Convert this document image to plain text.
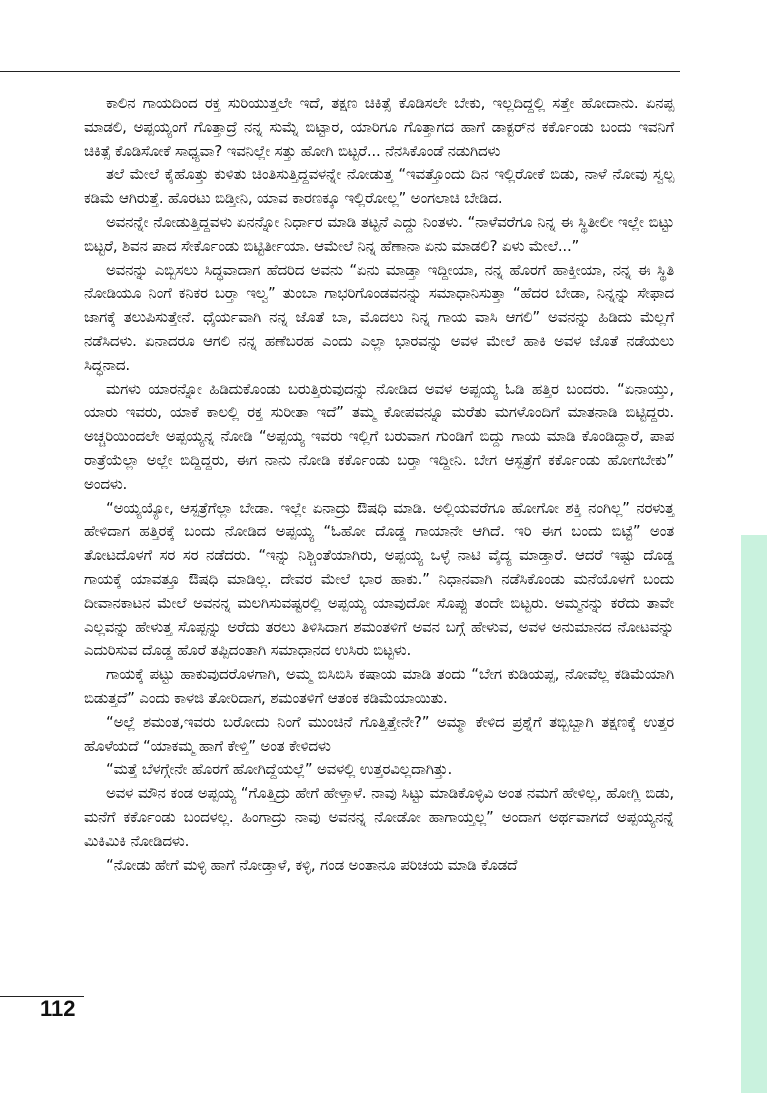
ಕಾಲಿನ ಗಾಯದಿಂದ ರಕ್ತ ಸುರಿಯುತ್ತಲೇ ಇದೆ, ತಕ್ಷಣ ಚಿಕಿತ್ಸೆ ಕೊಡಿಸಲೇ ಬೇಕು, ಇಲ್ಲದಿದ್ದಲ್ಲಿ ಸತ್ತೇ ಹೋದಾನು. ಏನಪ್ಪ ಮಾಡಲಿ, ಅಪ್ಪಯ್ಯಂಗೆ ಗೊತ್ತಾದ್ರೆ ನನ್ನ ಸುಮ್ನೆ ಬಿಟ್ಟಾರ, ಯಾರಿಗೂ ಗೊತ್ತಾಗದ ಹಾಗೆ ಡಾಕ್ಟರ್‌ನ ಕರ್ಕೊಂಡು ಬಂದು ಇವನಿಗೆ ಚಿಕಿತ್ಸೆ ಕೊಡಿಸೋಕೆ ಸಾಧ್ಯವಾ? ಇವನಿಲ್ಲೇ ಸತ್ತು ಹೋಗಿ ಬಿಟ್ಟರೆ... ನೆನಸಿಕೊಂಡೆ ನಡುಗಿದಳು

ತಲೆ ಮೇಲೆ ಕೈಹೊತ್ತು ಕುಳಿತು ಚಿಂತಿಸುತ್ತಿದ್ದವಳನ್ನೇ ನೋಡುತ್ತ “ಇವತ್ತೊಂದು ದಿನ ಇಲ್ಲಿರೋಕೆ ಬಿಡು, ನಾಳೆ ನೋವು ಸ್ವಲ್ಪ ಕಡಿಮೆ ಆಗಿರುತ್ತೆ. ಹೊರಟು ಬಿಡ್ತೀನಿ, ಯಾವ ಕಾರಣಕ್ಕೂ ಇಲ್ಲಿರೋಲ್ಲ” ಅಂಗಲಾಚಿ ಬೇಡಿದ.

ಅವನನ್ನೇ ನೋಡುತ್ತಿದ್ದವಳು ಏನನ್ನೋ ನಿರ್ಧಾರ ಮಾಡಿ ತಟ್ಟನೆ ಎದ್ದು ನಿಂತಳು. “ನಾಳೆವರೆಗೂ ನಿನ್ನ ಈ ಸ್ಥಿತೀಲೀ ಇಲ್ಲೇ ಬಿಟ್ಟು ಬಿಟ್ಟರೆ, ಶಿವನ ಪಾದ ಸೇರ್ಕೊಂಡು ಬಿಟ್ಟಿರ್ತೀಯಾ. ಆಮೇಲೆ ನಿನ್ನ ಹೆಣಾನಾ ಏನು ಮಾಡಲಿ? ಏಳು ಮೇಲೆ...”

ಅವನನ್ನು ಎಬ್ಬಿಸಲು ಸಿದ್ಧವಾದಾಗ ಹೆದರಿದ ಅವನು “ಏನು ಮಾಡ್ತಾ ಇದ್ದೀಯಾ, ನನ್ನ ಹೊರಗೆ ಹಾಕ್ತೀಯಾ, ನನ್ನ ಈ ಸ್ಥಿತಿ ನೋಡಿಯೂ ನಿಂಗೆ ಕನಿಕರ ಬರ್‍ತಾ ಇಲ್ವ” ತುಂಬಾ ಗಾಭರಿಗೊಂಡವನನ್ನು ಸಮಾಧಾನಿಸುತ್ತಾ “ಹೆದರ ಬೇಡಾ, ನಿನ್ನನ್ನು ಸೇಫಾದ ಜಾಗಕ್ಕೆ ತಲುಪಿಸುತ್ತೇನೆ. ಧೈರ್ಯವಾಗಿ ನನ್ನ ಜೊತೆ ಬಾ, ಮೊದಲು ನಿನ್ನ ಗಾಯ ವಾಸಿ ಆಗಲಿ” ಅವನನ್ನು ಹಿಡಿದು ಮೆಲ್ಲಗೆ ನಡೆಸಿದಳು. ಏನಾದರೂ ಆಗಲಿ ನನ್ನ ಹಣೆಬರಹ ಎಂದು ಎಲ್ಲಾ ಭಾರವನ್ನು ಅವಳ ಮೇಲೆ ಹಾಕಿ ಅವಳ ಜೊತೆ ನಡೆಯಲು ಸಿದ್ಧನಾದ.

ಮಗಳು ಯಾರನ್ನೋ ಹಿಡಿದುಕೊಂಡು ಬರುತ್ತಿರುವುದನ್ನು ನೋಡಿದ ಅವಳ ಅಪ್ಪಯ್ಯ ಓಡಿ ಹತ್ತಿರ ಬಂದರು. “ಏನಾಯ್ತು, ಯಾರು ಇವರು, ಯಾಕೆ ಕಾಲಲ್ಲಿ ರಕ್ತ ಸುರೀತಾ ಇದೆ” ತಮ್ಮ ಕೋಪವನ್ನೂ ಮರೆತು ಮಗಳೊಂದಿಗೆ ಮಾತನಾಡಿ ಬಿಟ್ಟಿದ್ದರು. ಅಚ್ಚರಿಯಿಂದಲೇ ಅಪ್ಪಯ್ಯನ್ನ ನೋಡಿ “ಅಪ್ಪಯ್ಯ ಇವರು ಇಲ್ಲಿಗೆ ಬರುವಾಗ ಗುಂಡಿಗೆ ಬಿದ್ದು ಗಾಯ ಮಾಡಿ ಕೊಂಡಿದ್ದಾರೆ, ಪಾಪ ರಾತ್ರೆಯೆಲ್ಲಾ ಅಲ್ಲೇ ಬಿದ್ದಿದ್ದರು, ಈಗ ನಾನು ನೋಡಿ ಕರ್ಕೊಂಡು ಬರ್‍ತಾ ಇದ್ದೀನಿ. ಬೇಗ ಆಸ್ಪತ್ರೆಗೆ ಕರ್ಕೊಂಡು ಹೋಗಬೇಕು” ಅಂದಳು.

“ಅಯ್ಯಯ್ಯೋ, ಆಸ್ಪತ್ರೆಗೆಲ್ಲಾ ಬೇಡಾ. ಇಲ್ಲೇ ಏನಾದ್ರು ಔಷಧಿ ಮಾಡಿ. ಅಲ್ಲಿಯವರೆಗೂ ಹೋಗೋ ಶಕ್ತಿ ನಂಗಿಲ್ಲ” ನರಳುತ್ತ ಹೇಳಿದಾಗ ಹತ್ತಿರಕ್ಕೆ ಬಂದು ನೋಡಿದ ಅಪ್ಪಯ್ಯ “ಓಹೋ ದೊಡ್ಡ ಗಾಯಾನೇ ಆಗಿದೆ. ಇರಿ ಈಗ ಬಂದು ಬಿಟ್ಟೆ” ಅಂತ ತೋಟದೊಳಗೆ ಸರ ಸರ ನಡೆದರು. “ಇನ್ನು ನಿಶ್ಚಿಂತೆಯಾಗಿರು, ಅಪ್ಪಯ್ಯ ಒಳ್ಳೆ ನಾಟಿ ವೈದ್ಯ ಮಾಡ್ತಾರೆ. ಆದರೆ ಇಷ್ಟು ದೊಡ್ಡ ಗಾಯಕ್ಕೆ ಯಾವತ್ತೂ ಔಷಧಿ ಮಾಡಿಲ್ಲ. ದೇವರ ಮೇಲೆ ಭಾರ ಹಾಕು.” ನಿಧಾನವಾಗಿ ನಡೆಸಿಕೊಂಡು ಮನೆಯೊಳಗೆ ಬಂದು ದೀವಾನಕಾಟನ ಮೇಲೆ ಅವನನ್ನ ಮಲಗಿಸುವಷ್ಟರಲ್ಲಿ ಅಪ್ಪಯ್ಯ ಯಾವುದೋ ಸೊಪ್ಪು ತಂದೇ ಬಿಟ್ಟರು. ಅಮ್ಮನನ್ನು ಕರೆದು ತಾವೇ ಎಲ್ಲವನ್ನು ಹೇಳುತ್ತ ಸೊಪ್ಪನ್ನು ಅರೆದು ತರಲು ತಿಳಿಸಿದಾಗ ಶಮಂತಳಿಗೆ ಅವನ ಬಗ್ಗೆ ಹೇಳುವ, ಅವಳ ಅನುಮಾನದ ನೋಟವನ್ನು ಎದುರಿಸುವ ದೊಡ್ಡ ಹೊರೆ ತಪ್ಪಿದಂತಾಗಿ ಸಮಾಧಾನದ ಉಸಿರು ಬಿಟ್ಟಳು.

ಗಾಯಕ್ಕೆ ಪಟ್ಟು ಹಾಕುವುದರೊಳಗಾಗಿ, ಅಮ್ಮ ಬಿಸಿಬಿಸಿ ಕಷಾಯ ಮಾಡಿ ತಂದು “ಬೇಗ ಕುಡಿಯಪ್ಪ, ನೋವೆಲ್ಲ ಕಡಿಮೆಯಾಗಿ ಬಿಡುತ್ತದೆ” ಎಂದು ಕಾಳಜಿ ತೋರಿದಾಗ, ಶಮಂತಳಿಗೆ ಆತಂಕ ಕಡಿಮೆಯಾಯಿತು.

“ಅಲ್ಲೆ ಶಮಂತ,ಇವರು ಬರೋದು ನಿಂಗೆ ಮುಂಚಿನೆ ಗೊತ್ತಿತ್ತೇನೇ?” ಅಮ್ಮಾ ಕೇಳಿದ ಪ್ರಶ್ನೆಗೆ ತಬ್ಬಿಬ್ಬಾಗಿ ತಕ್ಷಣಕ್ಕೆ ಉತ್ತರ ಹೊಳೆಯದೆ “ಯಾಕಮ್ಮ ಹಾಗೆ ಕೇಳ್ತಿ” ಅಂತ ಕೇಳಿದಳು

“ಮತ್ತೆ ಬೆಳಗ್ಗೇನೇ ಹೊರಗೆ ಹೋಗಿದ್ದೆಯಲ್ಲೆ” ಅವಳಲ್ಲಿ ಉತ್ತರವಿಲ್ಲದಾಗಿತ್ತು.

ಅವಳ ಮೌನ ಕಂಡ ಅಪ್ಪಯ್ಯ “ಗೊತ್ತಿದ್ರು ಹೇಗೆ ಹೇಳ್ತಾಳೆ. ನಾವು ಸಿಟ್ಟು ಮಾಡಿಕೊಳ್ಳಿವಿ ಅಂತ ನಮಗೆ ಹೇಳಿಲ್ಲ, ಹೋಗ್ಲಿ ಬಿಡು, ಮನೆಗೆ ಕರ್ಕೊಂಡು ಬಂದಳಲ್ಲ. ಹಿಂಗಾದ್ರು ನಾವು ಅವನನ್ನ ನೋಡೋ ಹಾಗಾಯ್ತಲ್ಲ” ಅಂದಾಗ ಅರ್ಥವಾಗದೆ ಅಪ್ಪಯ್ಯನನ್ನೆ ಮಿಕಿಮಿಕಿ ನೋಡಿದಳು.

“ನೋಡು ಹೇಗೆ ಮಳ್ಳಿ ಹಾಗೆ ನೋಡ್ತಾಳೆ, ಕಳ್ಳಿ, ಗಂಡ ಅಂತಾನೂ ಪರಿಚಯ ಮಾಡಿ ಕೊಡದೆ

112
